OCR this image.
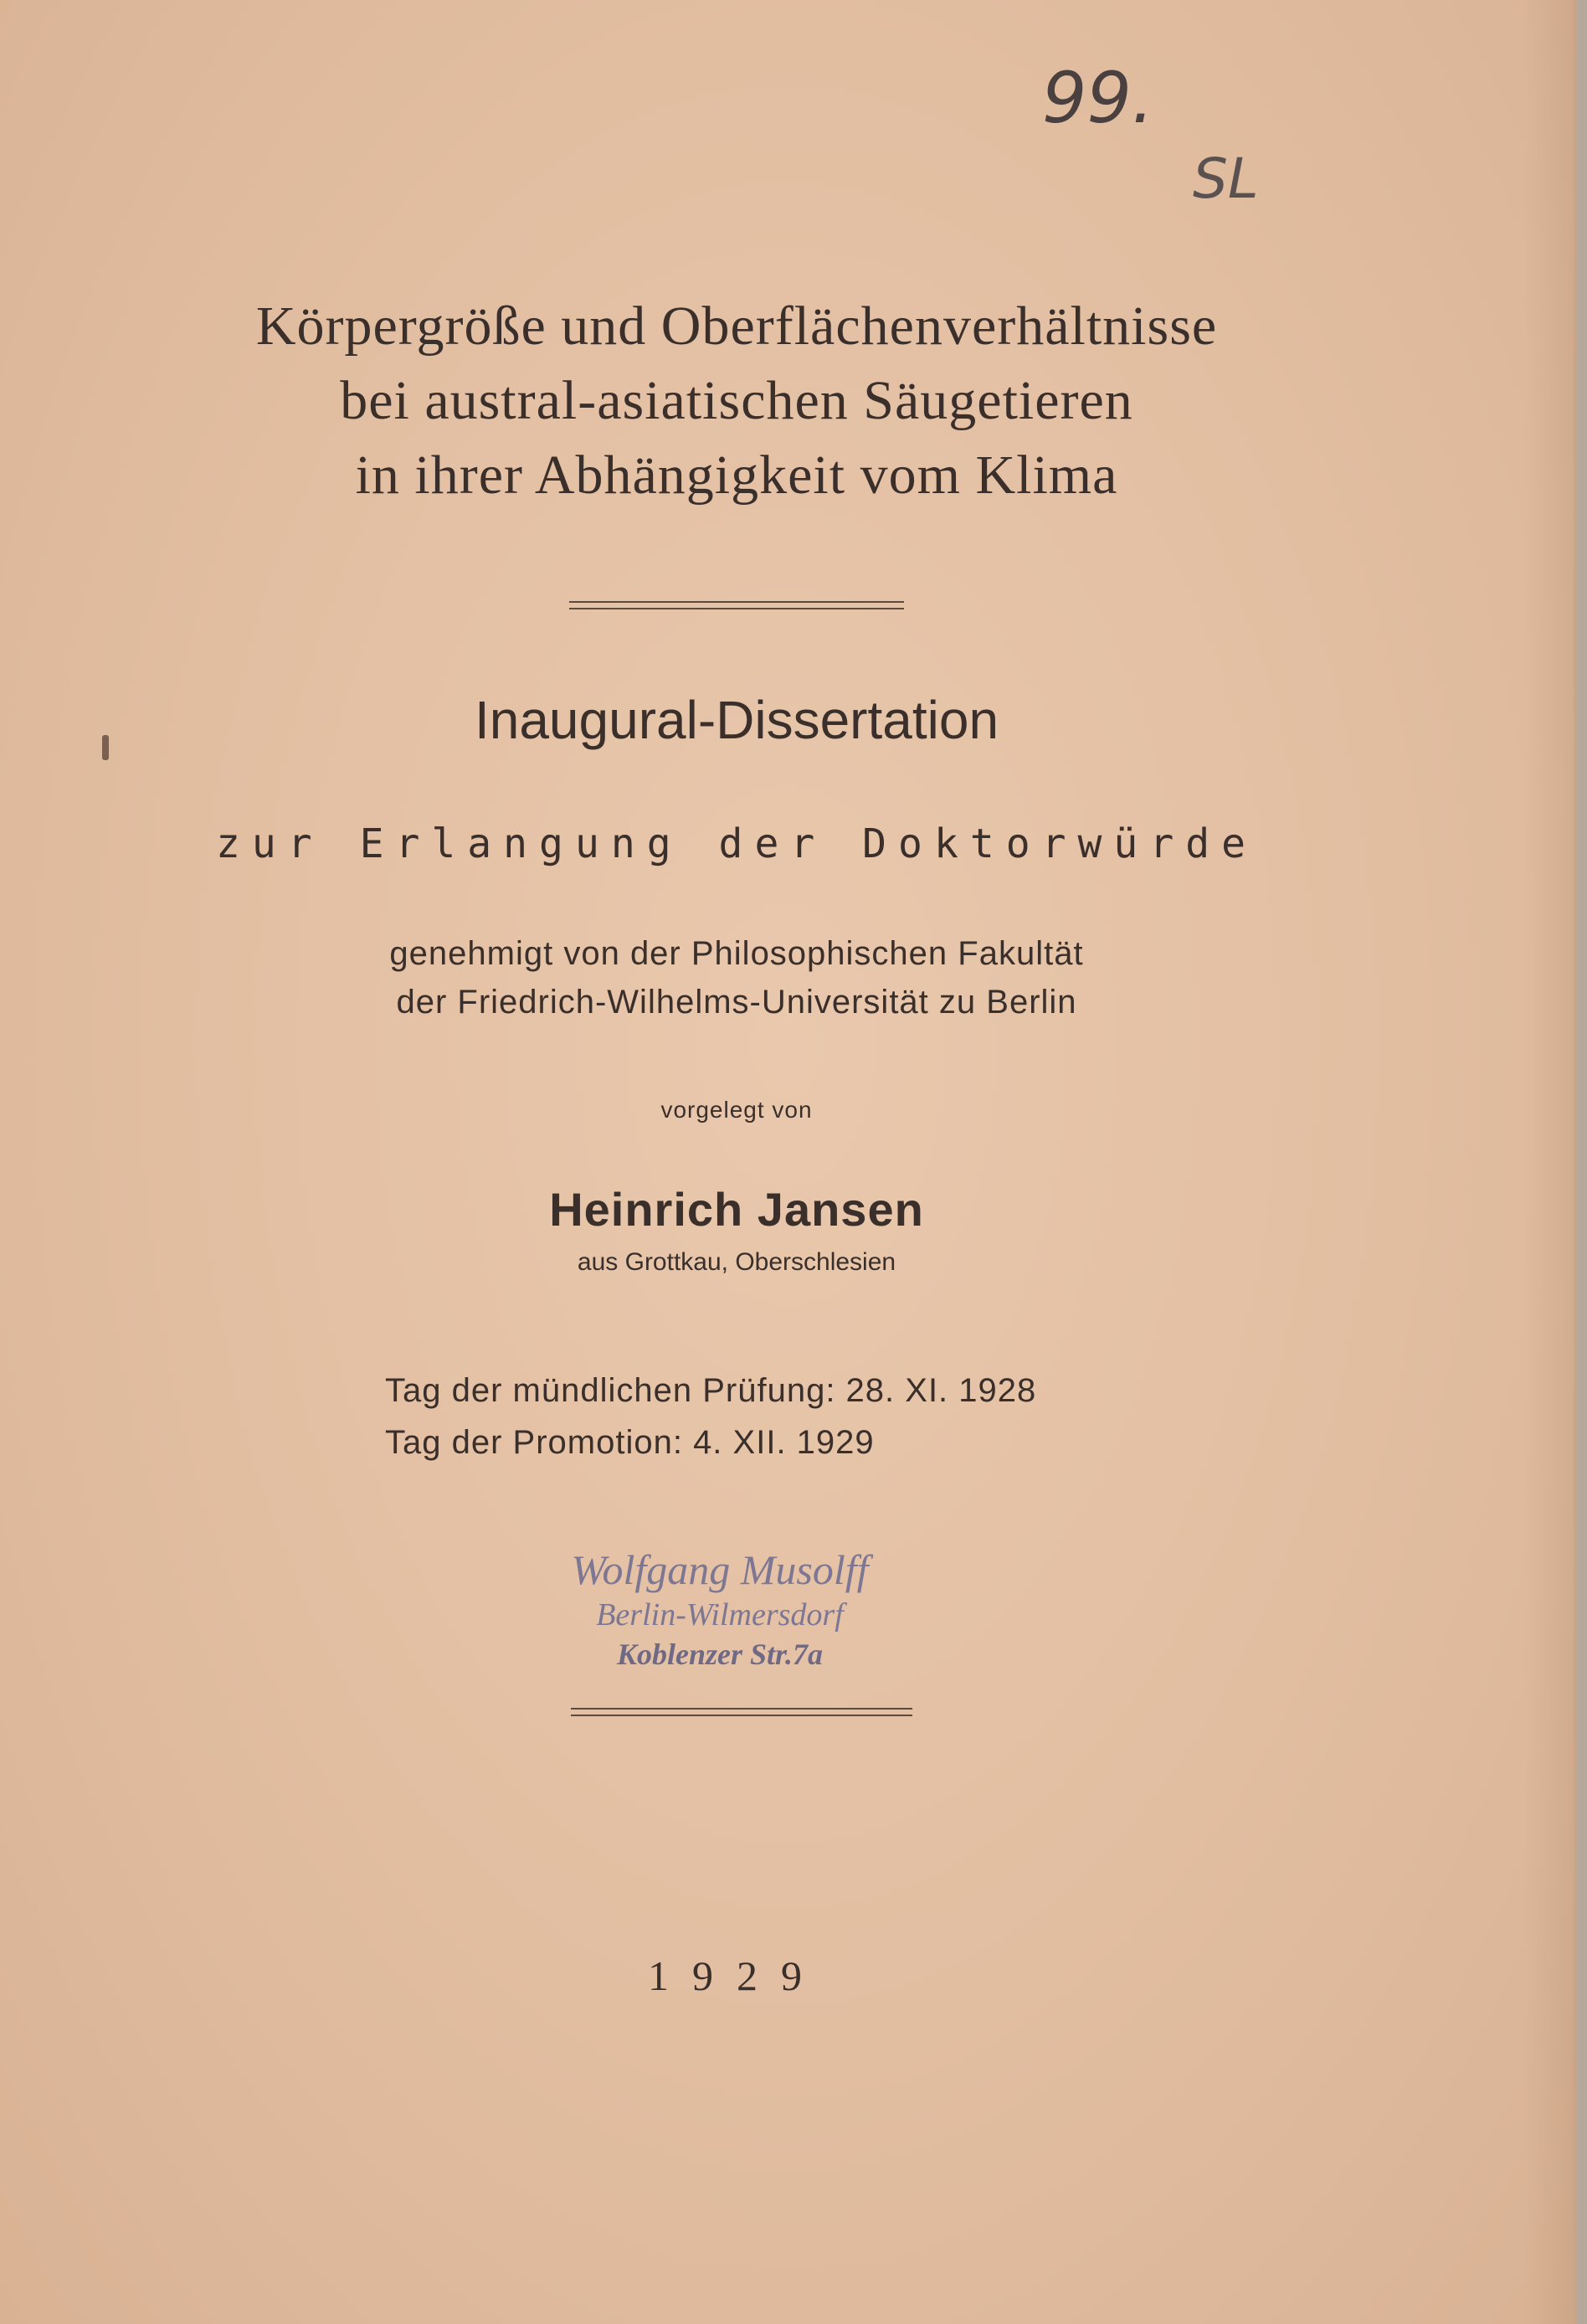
99.
SL
Körpergröße und Oberflächenverhältnisse
bei austral-asiatischen Säugetieren
in ihrer Abhängigkeit vom Klima
Inaugural-Dissertation
zur Erlangung der Doktorwürde
genehmigt von der Philosophischen Fakultät
der Friedrich-Wilhelms-Universität zu Berlin
vorgelegt von
Heinrich Jansen
aus Grottkau, Oberschlesien
Tag der mündlichen Prüfung: 28. XI. 1928
Tag der Promotion: 4. XII. 1929
Wolfgang Musolff
Berlin-Wilmersdorf
Koblenzer Str.7a
1929
